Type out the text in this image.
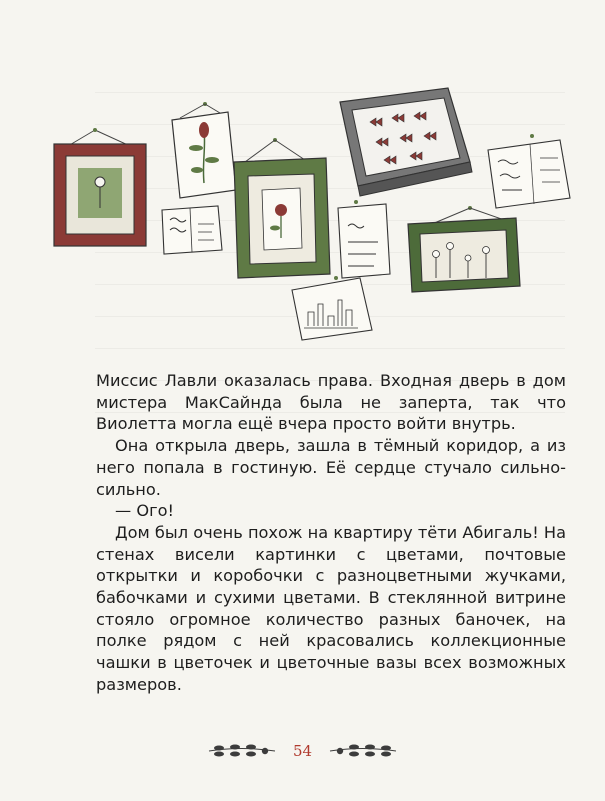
Миссис Лавли оказалась права. Входная дверь в дом мистера МакСайнда была не заперта, так что Виолетта могла ещё вчера просто войти внутрь.

Она открыла дверь, зашла в тёмный коридор, а из него попала в гостиную. Её сердце стучало сильно-сильно.

— Ого!

Дом был очень похож на квартиру тёти Абигаль! На стенах висели картинки с цветами, почтовые открытки и коробочки с разноцветными жучками, бабочками и сухими цветами. В стеклянной витрине стояло огромное количество разных баночек, на полке рядом с ней красовались коллекционные чашки в цветочек и цветочные вазы всех возможных размеров.

54
